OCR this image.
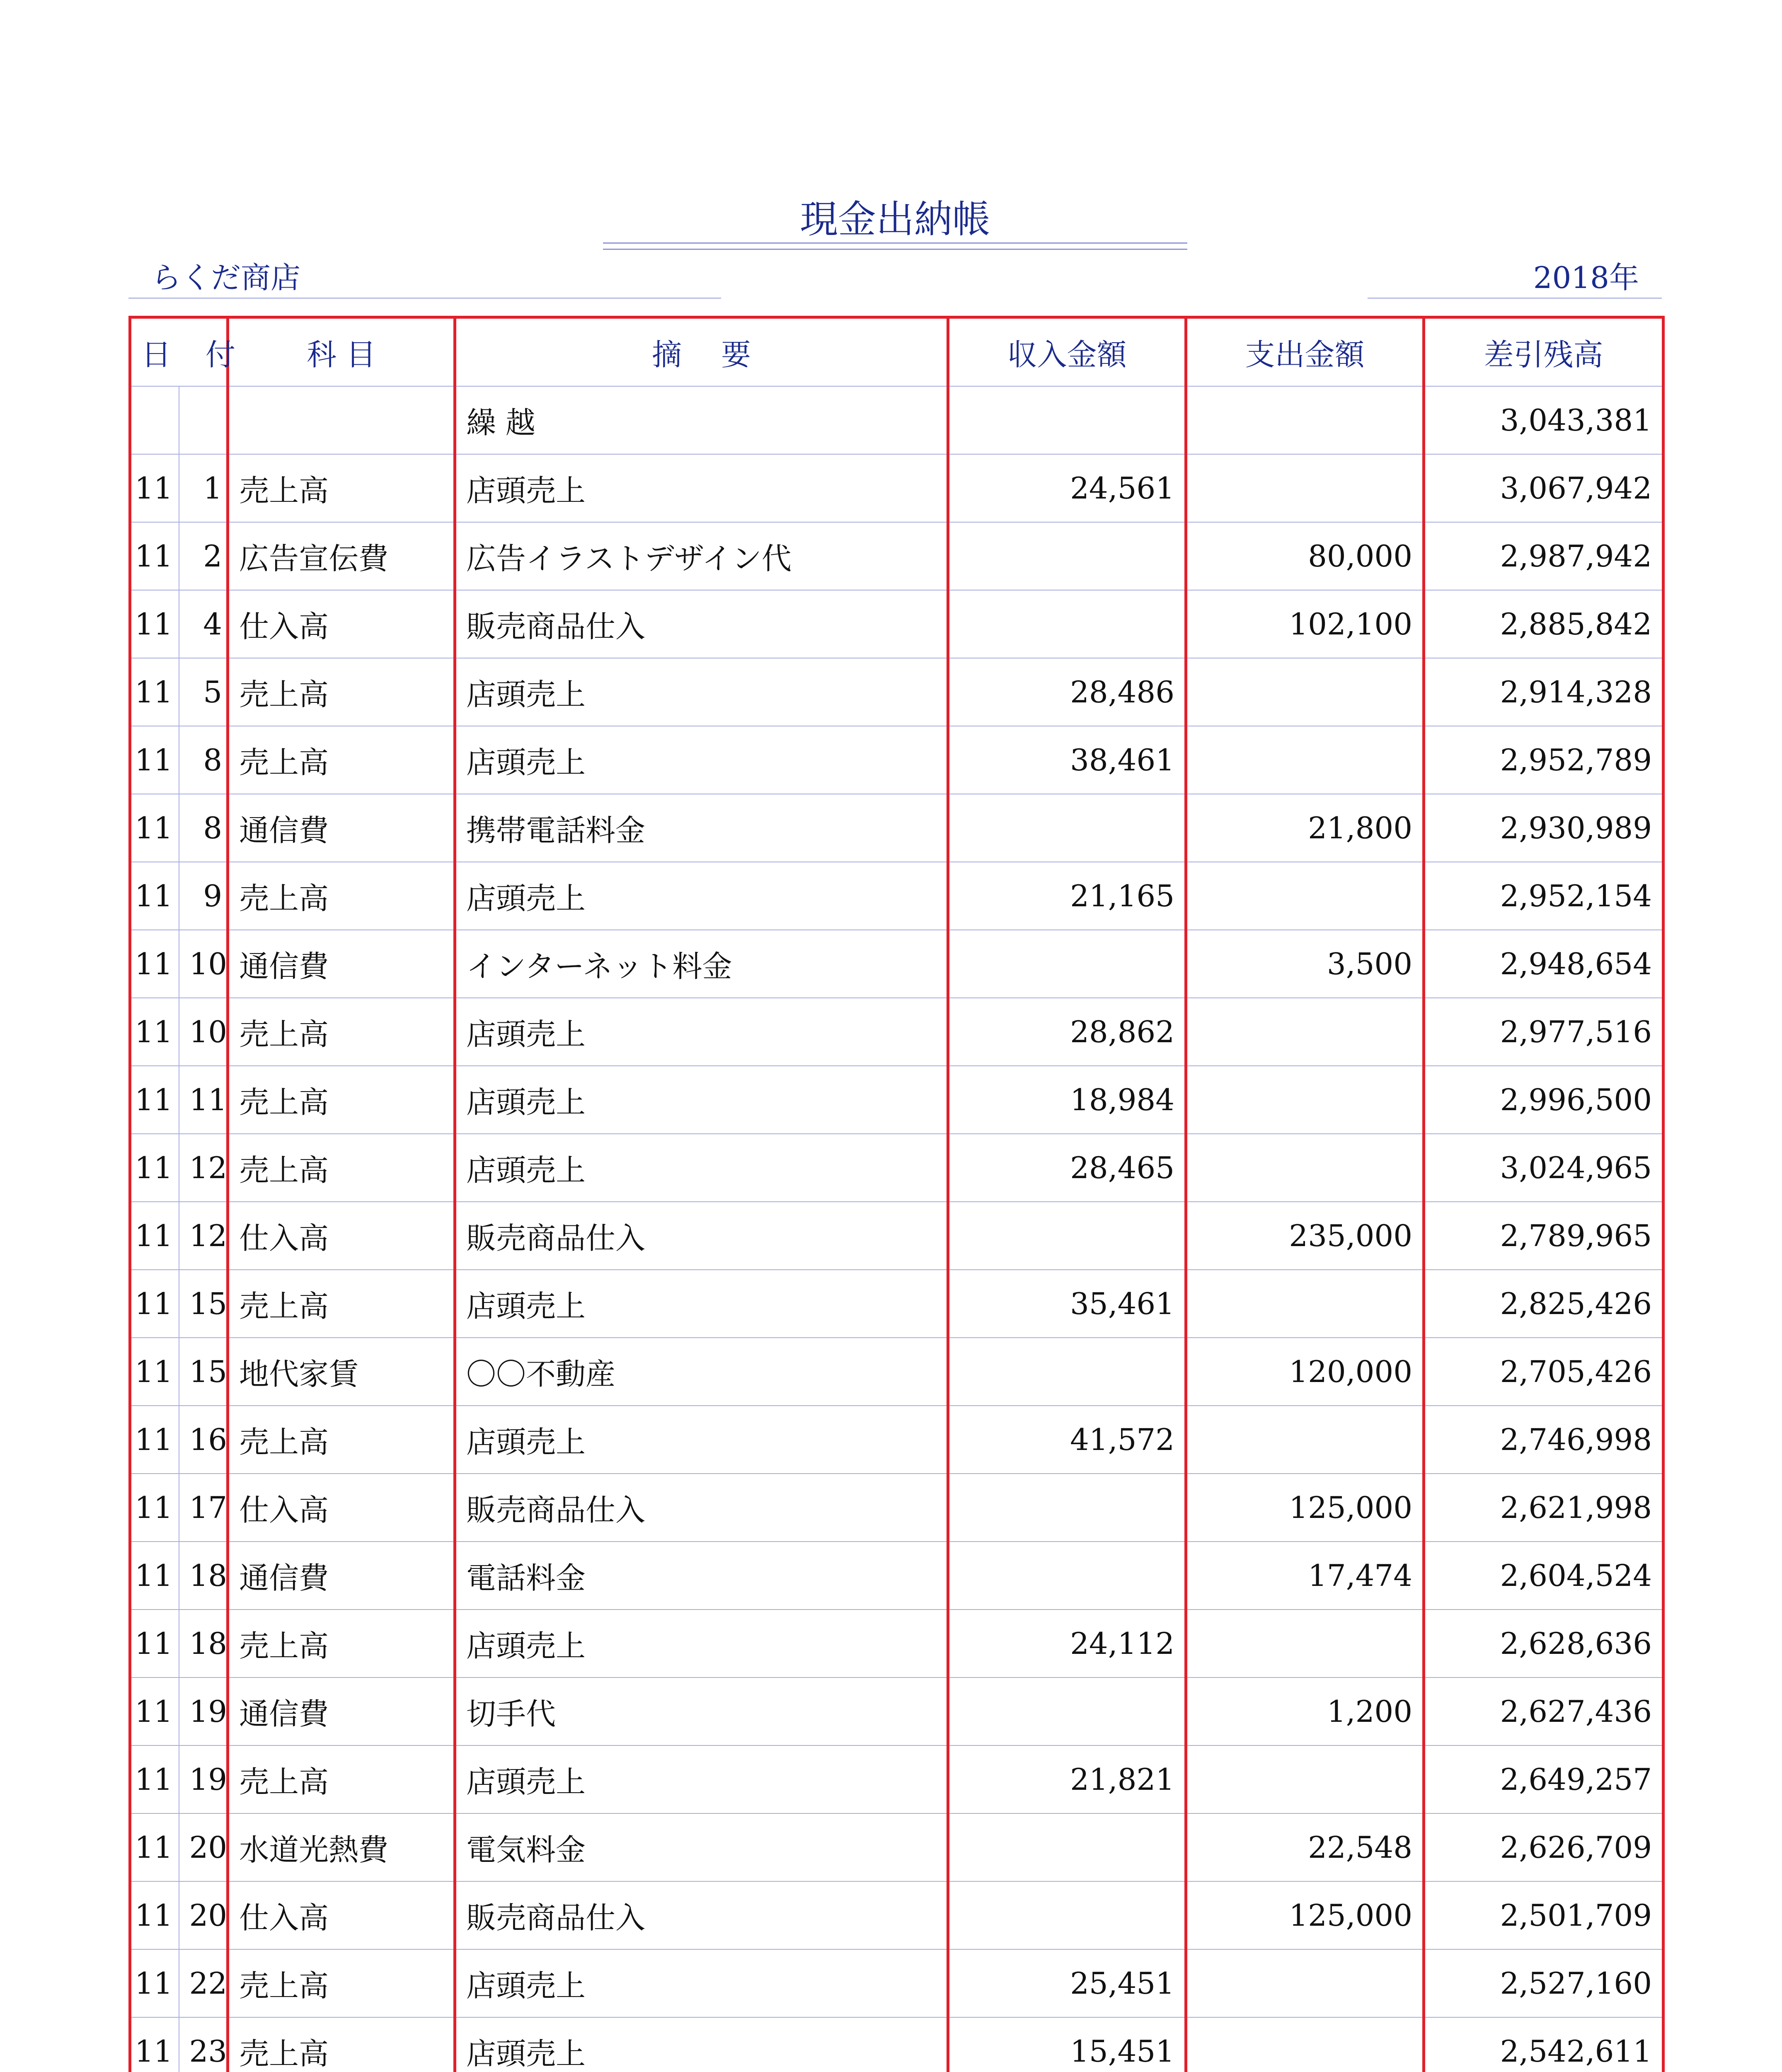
現金出納帳
らくだ商店	2018年
日 付		科 目	摘　 要	収入金額	支出金額	差引残高
			繰 越			3,043,381
11	1	売上高	店頭売上	24,561		3,067,942
11	2	広告宣伝費	広告イラストデザイン代		80,000	2,987,942
11	4	仕入高	販売商品仕入		102,100	2,885,842
11	5	売上高	店頭売上	28,486		2,914,328
11	8	売上高	店頭売上	38,461		2,952,789
11	8	通信費	携帯電話料金		21,800	2,930,989
11	9	売上高	店頭売上	21,165		2,952,154
11	10	通信費	インターネット料金		3,500	2,948,654
11	10	売上高	店頭売上	28,862		2,977,516
11	11	売上高	店頭売上	18,984		2,996,500
11	12	売上高	店頭売上	28,465		3,024,965
11	12	仕入高	販売商品仕入		235,000	2,789,965
11	15	売上高	店頭売上	35,461		2,825,426
11	15	地代家賃	〇〇不動産		120,000	2,705,426
11	16	売上高	店頭売上	41,572		2,746,998
11	17	仕入高	販売商品仕入		125,000	2,621,998
11	18	通信費	電話料金		17,474	2,604,524
11	18	売上高	店頭売上	24,112		2,628,636
11	19	通信費	切手代		1,200	2,627,436
11	19	売上高	店頭売上	21,821		2,649,257
11	20	水道光熱費	電気料金		22,548	2,626,709
11	20	仕入高	販売商品仕入		125,000	2,501,709
11	22	売上高	店頭売上	25,451		2,527,160
11	23	売上高	店頭売上	15,451		2,542,611
